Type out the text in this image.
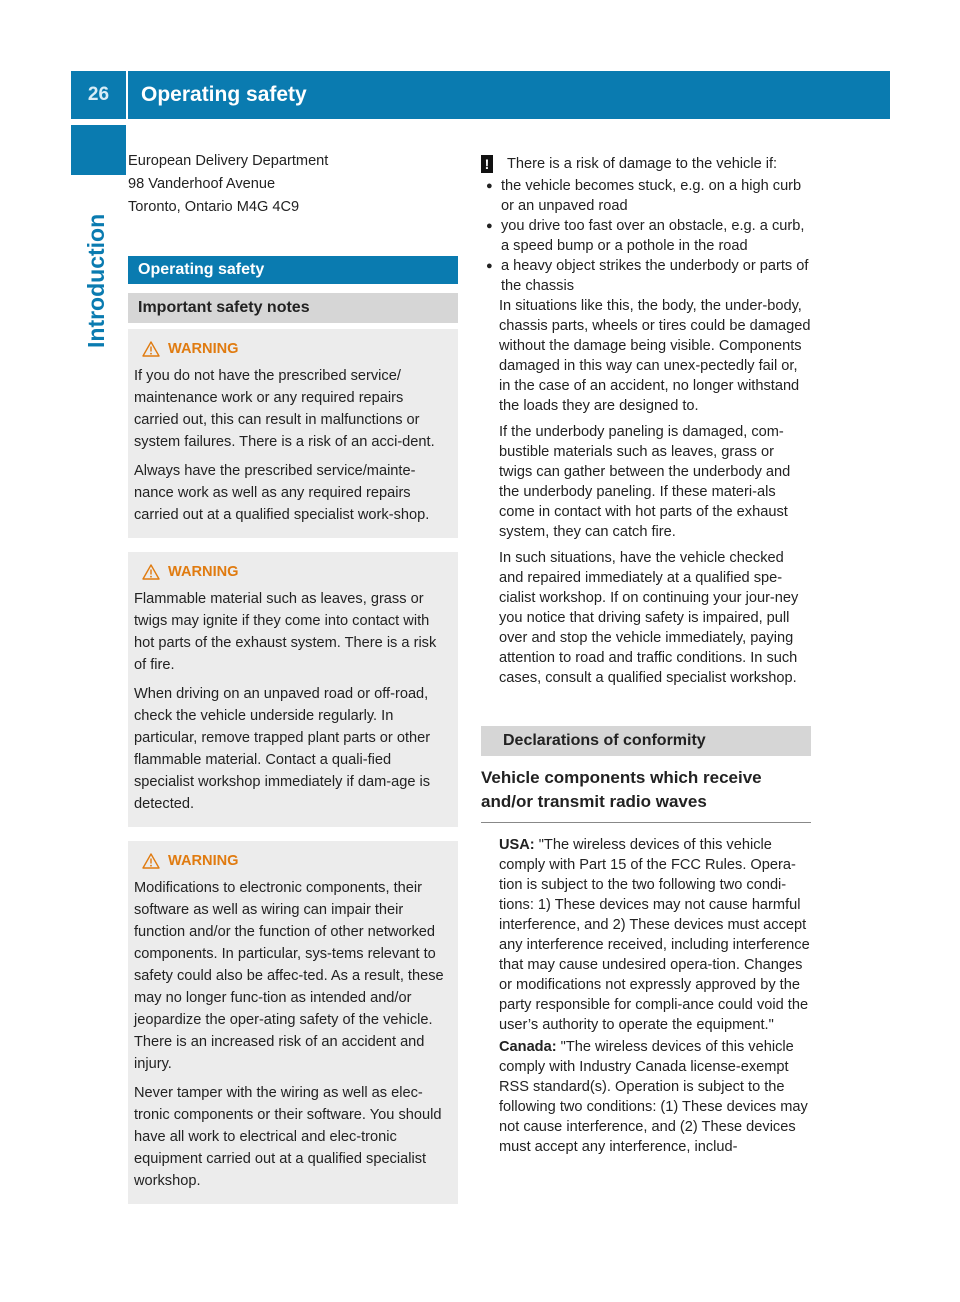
26	Operating safety
Introduction
European Delivery Department
98 Vanderhoof Avenue
Toronto, Ontario M4G 4C9
Operating safety
Important safety notes
WARNING

If you do not have the prescribed service/ maintenance work or any required repairs carried out, this can result in malfunctions or system failures. There is a risk of an acci-dent.

Always have the prescribed service/mainte-nance work as well as any required repairs carried out at a qualified specialist work-shop.

WARNING

Flammable material such as leaves, grass or twigs may ignite if they come into contact with hot parts of the exhaust system. There is a risk of fire.

When driving on an unpaved road or off-road, check the vehicle underside regularly. In particular, remove trapped plant parts or other flammable material. Contact a quali-fied specialist workshop immediately if dam-age is detected.

WARNING

Modifications to electronic components, their software as well as wiring can impair their function and/or the function of other networked components. In particular, sys-tems relevant to safety could also be affec-ted. As a result, these may no longer func-tion as intended and/or jeopardize the oper-ating safety of the vehicle. There is an increased risk of an accident and injury.

Never tamper with the wiring as well as elec-tronic components or their software. You should have all work to electrical and elec-tronic equipment carried out at a qualified specialist workshop.

! There is a risk of damage to the vehicle if:
● the vehicle becomes stuck, e.g. on a high curb or an unpaved road
● you drive too fast over an obstacle, e.g. a curb, a speed bump or a pothole in the road
● a heavy object strikes the underbody or parts of the chassis

In situations like this, the body, the under-body, chassis parts, wheels or tires could be damaged without the damage being visible. Components damaged in this way can unex-pectedly fail or, in the case of an accident, no longer withstand the loads they are designed to.

If the underbody paneling is damaged, com-bustible materials such as leaves, grass or twigs can gather between the underbody and the underbody paneling. If these materi-als come in contact with hot parts of the exhaust system, they can catch fire.

In such situations, have the vehicle checked and repaired immediately at a qualified spe-cialist workshop. If on continuing your jour-ney you notice that driving safety is impaired, pull over and stop the vehicle immediately, paying attention to road and traffic conditions. In such cases, consult a qualified specialist workshop.

Declarations of conformity
Vehicle components which receive and/or transmit radio waves

USA: "The wireless devices of this vehicle comply with Part 15 of the FCC Rules. Opera-tion is subject to the two following two condi-tions: 1) These devices may not cause harmful interference, and 2) These devices must accept any interference received, including interference that may cause undesired opera-tion. Changes or modifications not expressly approved by the party responsible for compli-ance could void the user’s authority to operate the equipment."

Canada: "The wireless devices of this vehicle comply with Industry Canada license-exempt RSS standard(s). Operation is subject to the following two conditions: (1) These devices may not cause interference, and (2) These devices must accept any interference, includ-
